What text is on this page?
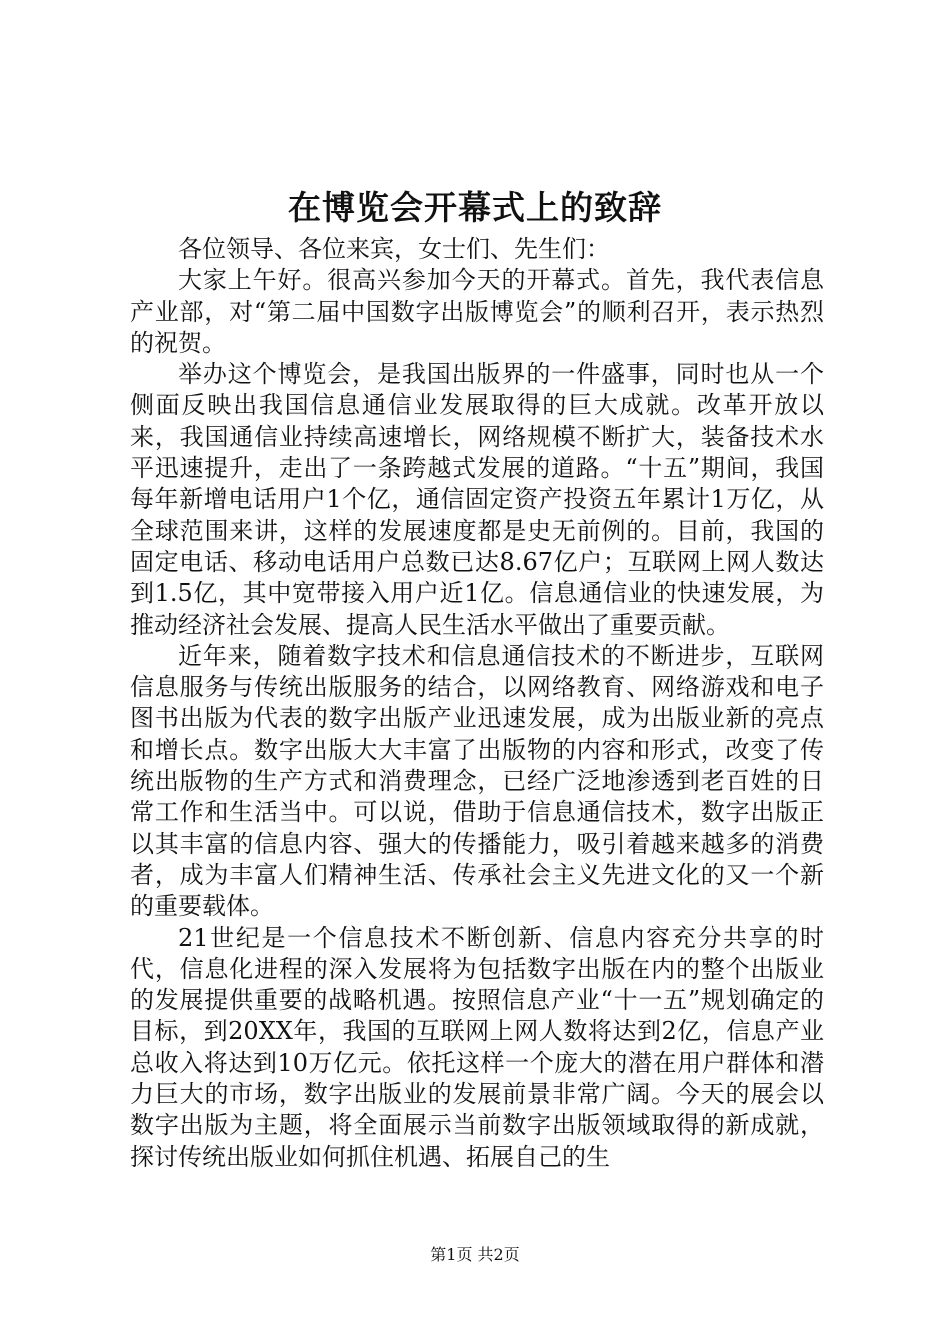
在博览会开幕式上的致辞

各位领导、各位来宾，女士们、先生们：

大家上午好。很高兴参加今天的开幕式。首先，我代表信息产业部，对“第二届中国数字出版博览会”的顺利召开，表示热烈的祝贺。

举办这个博览会，是我国出版界的一件盛事，同时也从一个侧面反映出我国信息通信业发展取得的巨大成就。改革开放以来，我国通信业持续高速增长，网络规模不断扩大，装备技术水平迅速提升，走出了一条跨越式发展的道路。“十五”期间，我国每年新增电话用户1个亿，通信固定资产投资五年累计1万亿，从全球范围来讲，这样的发展速度都是史无前例的。目前，我国的固定电话、移动电话用户总数已达8.67亿户；互联网上网人数达到1.5亿，其中宽带接入用户近1亿。信息通信业的快速发展，为推动经济社会发展、提高人民生活水平做出了重要贡献。

近年来，随着数字技术和信息通信技术的不断进步，互联网信息服务与传统出版服务的结合，以网络教育、网络游戏和电子图书出版为代表的数字出版产业迅速发展，成为出版业新的亮点和增长点。数字出版大大丰富了出版物的内容和形式，改变了传统出版物的生产方式和消费理念，已经广泛地渗透到老百姓的日常工作和生活当中。可以说，借助于信息通信技术，数字出版正以其丰富的信息内容、强大的传播能力，吸引着越来越多的消费者，成为丰富人们精神生活、传承社会主义先进文化的又一个新的重要载体。

21世纪是一个信息技术不断创新、信息内容充分共享的时代，信息化进程的深入发展将为包括数字出版在内的整个出版业的发展提供重要的战略机遇。按照信息产业“十一五”规划确定的目标，到20XX年，我国的互联网上网人数将达到2亿，信息产业总收入将达到10万亿元。依托这样一个庞大的潜在用户群体和潜力巨大的市场，数字出版业的发展前景非常广阔。今天的展会以数字出版为主题，将全面展示当前数字出版领域取得的新成就，探讨传统出版业如何抓住机遇、拓展自己的生

第1页 共2页
